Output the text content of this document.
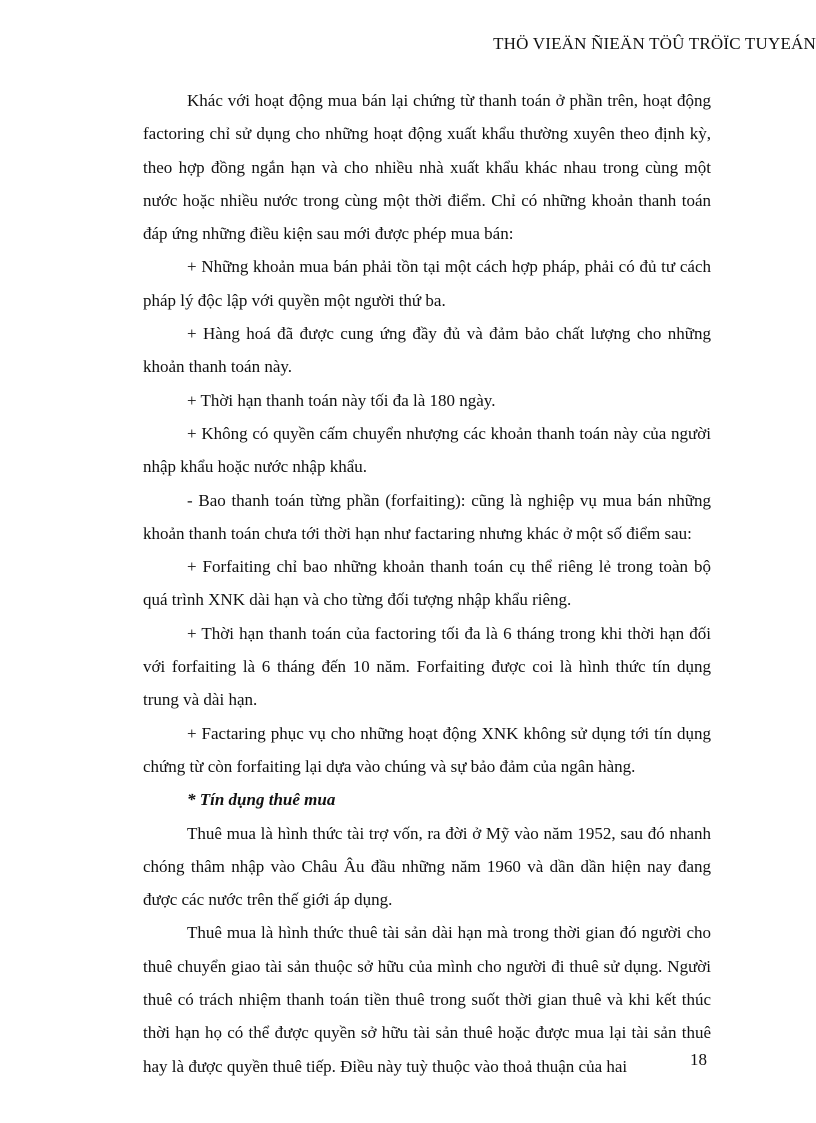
THÖ VIEÄN ÑIEÄN TÖÛ TRÖÏC TUYEÁN

Khác với hoạt động mua bán lại chứng từ thanh toán ở phần trên, hoạt động factoring chỉ sử dụng cho những hoạt động xuất khẩu thường xuyên theo định kỳ, theo hợp đồng ngắn hạn và cho nhiều nhà xuất khẩu khác nhau trong cùng một nước hoặc nhiều nước trong cùng một thời điểm. Chỉ có những khoản thanh toán đáp ứng những điều kiện sau mới được phép mua bán:

+ Những khoản mua bán phải tồn tại một cách hợp pháp, phải có đủ tư cách pháp lý độc lập với quyền một người thứ ba.

+ Hàng hoá đã được cung ứng đầy đủ và đảm bảo chất lượng cho những khoản thanh toán này.

+ Thời hạn thanh toán này tối đa là 180 ngày.

+ Không có quyền cấm chuyển nhượng các khoản thanh toán này của người nhập khẩu hoặc nước nhập khẩu.

- Bao thanh toán từng phần (forfaiting): cũng là nghiệp vụ mua bán những khoản thanh toán chưa tới thời hạn như factaring nhưng khác ở một số điểm sau:

+ Forfaiting chỉ bao những khoản thanh toán cụ thể riêng lẻ trong toàn bộ quá trình XNK dài hạn và cho từng đối tượng nhập khẩu riêng.

+ Thời hạn thanh toán của factoring tối đa là 6 tháng trong khi thời hạn đối với forfaiting là 6 tháng đến 10 năm. Forfaiting được coi là hình thức tín dụng trung và dài hạn.

+ Factaring phục vụ cho những hoạt động XNK không sử dụng tới tín dụng chứng từ còn forfaiting lại dựa vào chúng và sự bảo đảm của ngân hàng.

* Tín dụng thuê mua

Thuê mua là hình thức tài trợ vốn, ra đời ở Mỹ vào năm 1952, sau đó nhanh chóng thâm nhập vào Châu Âu đầu những năm 1960 và dần dần hiện nay đang được các nước trên thế giới áp dụng.

Thuê mua là hình thức thuê tài sản dài hạn mà trong thời gian đó người cho thuê chuyển giao tài sản thuộc sở hữu của mình cho người đi thuê sử dụng. Người thuê có trách nhiệm thanh toán tiền thuê trong suốt thời gian thuê và khi kết thúc thời hạn họ có thể được quyền sở hữu tài sản thuê hoặc được mua lại tài sản thuê hay là được quyền thuê tiếp. Điều này tuỳ thuộc vào thoả thuận của hai	18
